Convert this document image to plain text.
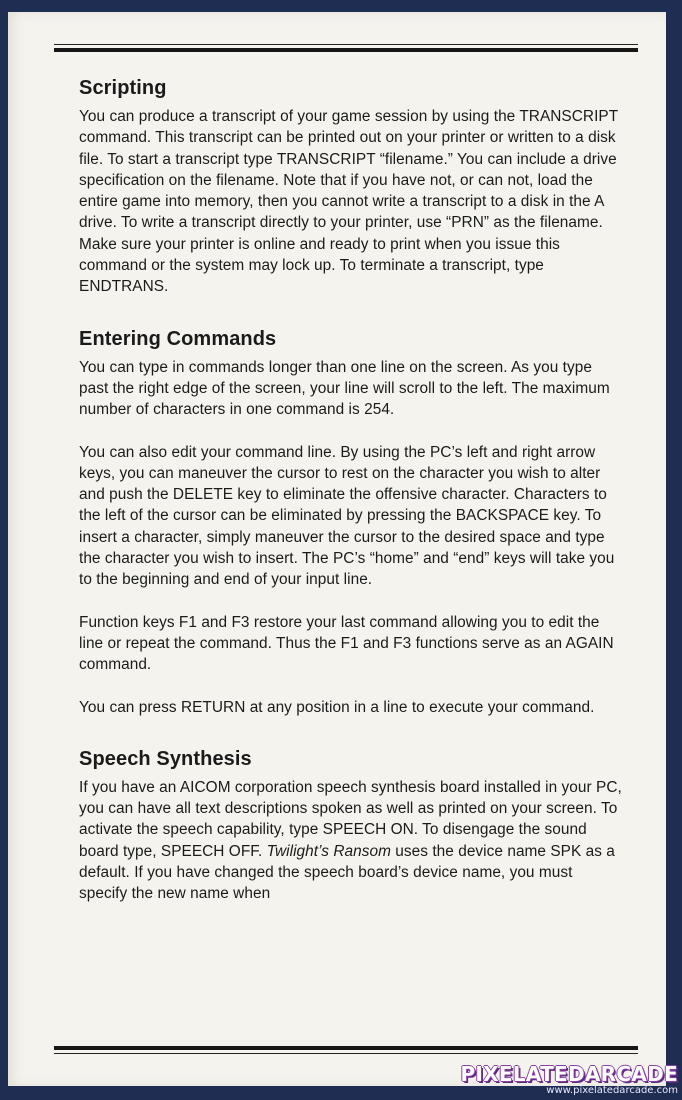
Scripting

You can produce a transcript of your game session by using the TRANSCRIPT command. This transcript can be printed out on your printer or written to a disk file. To start a transcript type TRANSCRIPT “filename.” You can include a drive specification on the filename. Note that if you have not, or can not, load the entire game into memory, then you cannot write a transcript to a disk in the A drive. To write a transcript directly to your printer, use “PRN” as the filename. Make sure your printer is online and ready to print when you issue this command or the system may lock up. To terminate a transcript, type ENDTRANS.

Entering Commands

You can type in commands longer than one line on the screen. As you type past the right edge of the screen, your line will scroll to the left. The maximum number of characters in one command is 254.

You can also edit your command line. By using the PC’s left and right arrow keys, you can maneuver the cursor to rest on the character you wish to alter and push the DELETE key to eliminate the offensive character. Characters to the left of the cursor can be eliminated by pressing the BACKSPACE key. To insert a character, simply maneuver the cursor to the desired space and type the character you wish to insert. The PC’s “home” and “end” keys will take you to the beginning and end of your input line.

Function keys F1 and F3 restore your last command allowing you to edit the line or repeat the command. Thus the F1 and F3 functions serve as an AGAIN command.

You can press RETURN at any position in a line to execute your command.

Speech Synthesis

If you have an AICOM corporation speech synthesis board installed in your PC, you can have all text descriptions spoken as well as printed on your screen. To activate the speech capability, type SPEECH ON. To disengage the sound board type, SPEECH OFF. Twilight’s Ransom uses the device name SPK as a default. If you have changed the speech board’s device name, you must specify the new name when

PIXELATEDARCADE
www.pixelatedarcade.com
